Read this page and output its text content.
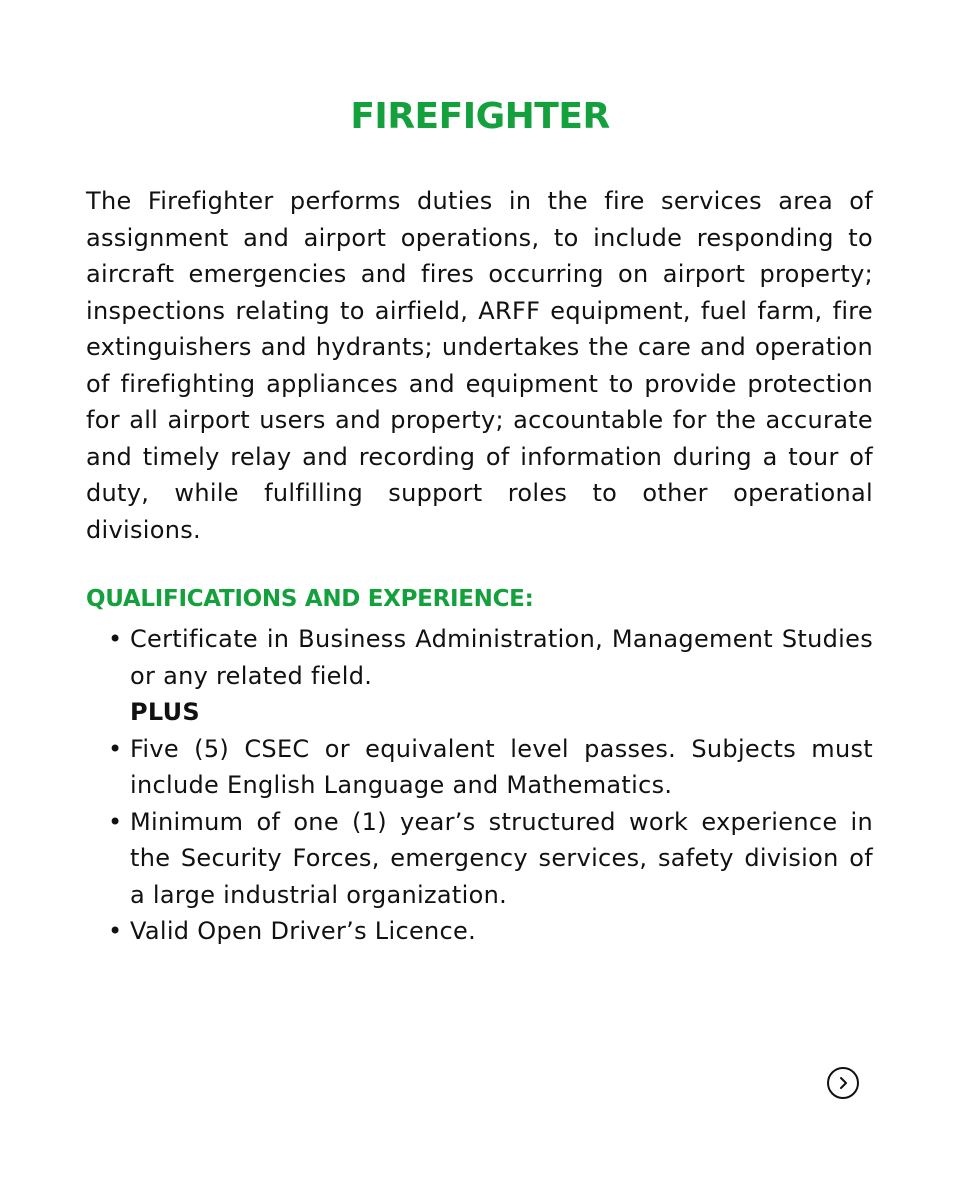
FIREFIGHTER

The Firefighter performs duties in the fire services area of assignment and airport operations, to include responding to aircraft emergencies and fires occurring on airport property; inspections relating to airfield, ARFF equipment, fuel farm, fire extinguishers and hydrants; undertakes the care and operation of firefighting appliances and equipment to provide protection for all airport users and property; accountable for the accurate and timely relay and recording of information during a tour of duty, while fulfilling support roles to other operational divisions.

QUALIFICATIONS AND EXPERIENCE:
• Certificate in Business Administration, Management Studies or any related field.
PLUS
• Five (5) CSEC or equivalent level passes. Subjects must include English Language and Mathematics.
• Minimum of one (1) year’s structured work experience in the Security Forces, emergency services, safety division of a large industrial organization.
• Valid Open Driver’s Licence.
